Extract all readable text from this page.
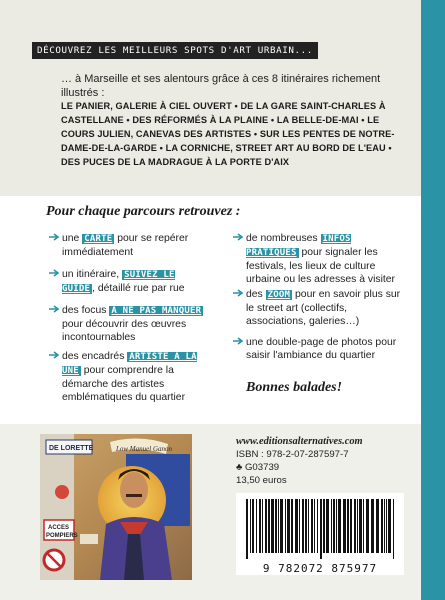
DÉCOUVREZ LES MEILLEURS SPOTS D'ART URBAIN...
… à Marseille et ses alentours grâce à ces 8 itinéraires richement illustrés :
LE PANIER, GALERIE À CIEL OUVERT • DE LA GARE SAINT-CHARLES À CASTELLANE • DES RÉFORMÉS À LA PLAINE • LA BELLE-DE-MAI • LE COURS JULIEN, CANEVAS DES ARTISTES • SUR LES PENTES DE NOTRE-DAME-DE-LA-GARDE • LA CORNICHE, STREET ART AU BORD DE L'EAU • DES PUCES DE LA MADRAGUE À LA PORTE D'AIX
Pour chaque parcours retrouvez :
une CARTE pour se repérer immédiatement
un itinéraire, SUIVEZ LE GUIDE , détaillé rue par rue
des focus À NE PAS MANQUER pour découvrir des œuvres incontournables
des encadrés ARTISTE À LA UNE pour comprendre la démarche des artistes emblématiques du quartier
de nombreuses INFOS PRATIQUES pour signaler les festivals, les lieux de culture urbaine ou les adresses à visiter
des ZOOM pour en savoir plus sur le street art (collectifs, associations, galeries…)
une double-page de photos pour saisir l'ambiance du quartier
Bonnes balades!
DE LORETTE	Low Manuel Ganon
ACCES
POMPIERS
www.editionsalternatives.com
ISBN : 978-2-07-287597-7
♣ G03739
13,50 euros
9 782072 875977
